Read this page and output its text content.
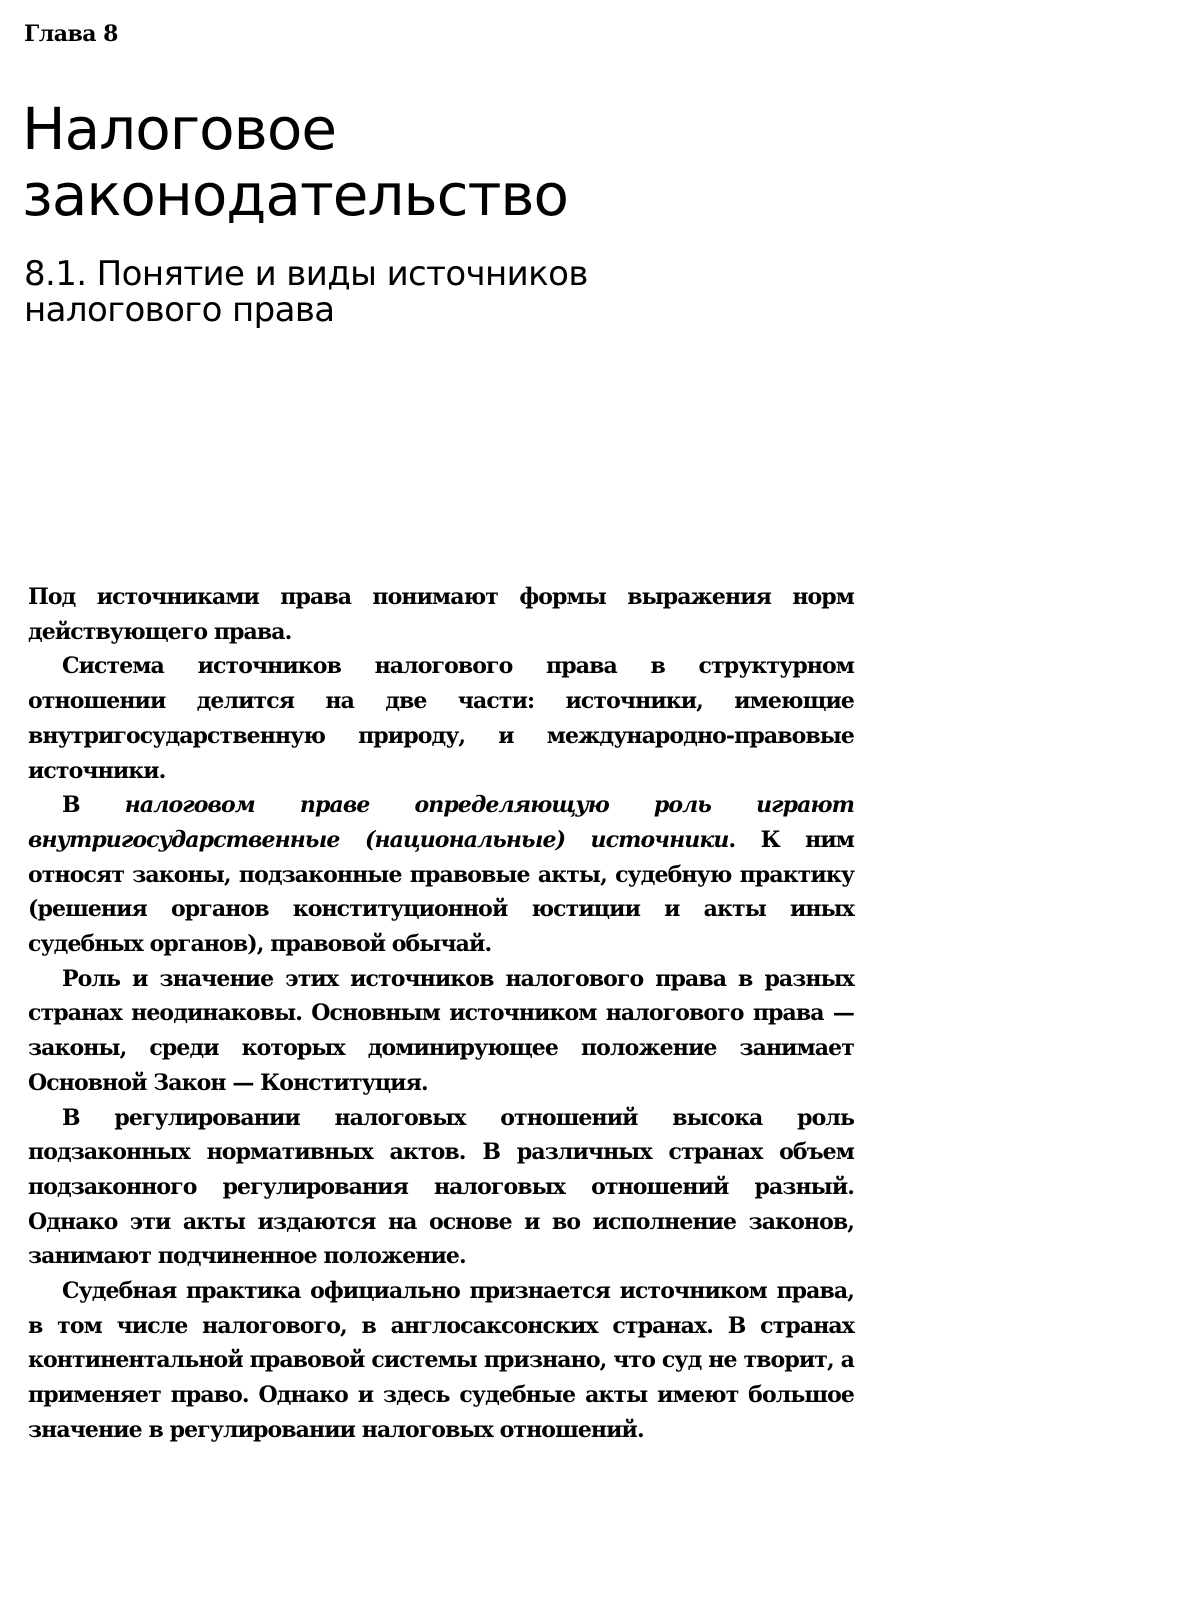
Глава 8
Налоговое
законодательство
8.1. Понятие и виды источников
налогового права

Под источниками права понимают формы выражения норм действующего права.

Система источников налогового права в структурном отношении делится на две части: источники, имеющие внутригосударственную природу, и международно-правовые источники.

В налоговом праве определяющую роль играют внутригосударственные (национальные) источники. К ним относят законы, подзаконные правовые акты, судебную практику (решения органов конституционной юстиции и акты иных судебных органов), правовой обычай.

Роль и значение этих источников налогового права в разных странах неодинаковы. Основным источником налогового права — законы, среди которых доминирующее положение занимает Основной Закон — Конституция.

В регулировании налоговых отношений высока роль подзаконных нормативных актов. В различных странах объем подзаконного регулирования налоговых отношений разный. Однако эти акты издаются на основе и во исполнение законов, занимают подчиненное положение.

Судебная практика официально признается источником права, в том числе налогового, в англосаксонских странах. В странах континентальной правовой системы признано, что суд не творит, а применяет право. Однако и здесь судебные акты имеют большое значение в регулировании налоговых отношений.
